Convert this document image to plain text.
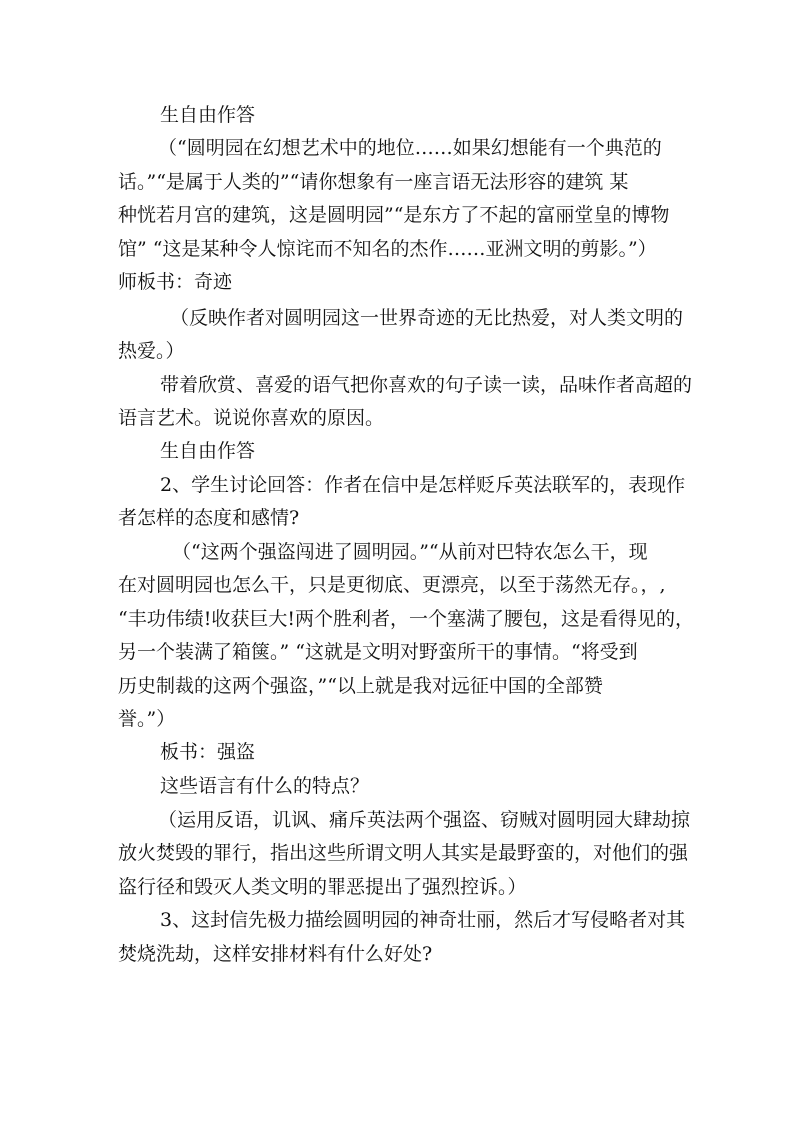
生自由作答
（“圆明园在幻想艺术中的地位……如果幻想能有一个典范的
话。”“是属于人类的”“请你想象有一座言语无法形容的建筑 某
种恍若月宫的建筑，这是圆明园”“是东方了不起的富丽堂皇的博物
馆” “这是某种令人惊诧而不知名的杰作……亚洲文明的剪影。”）
师板书：奇迹
（反映作者对圆明园这一世界奇迹的无比热爱，对人类文明的
热爱。）
带着欣赏、喜爱的语气把你喜欢的句子读一读，品味作者高超的
语言艺术。说说你喜欢的原因。
生自由作答
2、学生讨论回答：作者在信中是怎样贬斥英法联军的，表现作
者怎样的态度和感情?
（“这两个强盗闯进了圆明园。”“从前对巴特农怎么干，现
在对圆明园也怎么干，只是更彻底、更漂亮，以至于荡然无存。，,
“丰功伟绩!收获巨大!两个胜利者，一个塞满了腰包，这是看得见的，
另一个装满了箱箧。” “这就是文明对野蛮所干的事情。“将受到
历史制裁的这两个强盗，”“以上就是我对远征中国的全部赞
誉。”）
板书：强盗
这些语言有什么的特点？
（运用反语，讥讽、痛斥英法两个强盗、窃贼对圆明园大肆劫掠
放火焚毁的罪行，指出这些所谓文明人其实是最野蛮的，对他们的强
盗行径和毁灭人类文明的罪恶提出了强烈控诉。）
3、这封信先极力描绘圆明园的神奇壮丽，然后才写侵略者对其
焚烧洗劫，这样安排材料有什么好处?
